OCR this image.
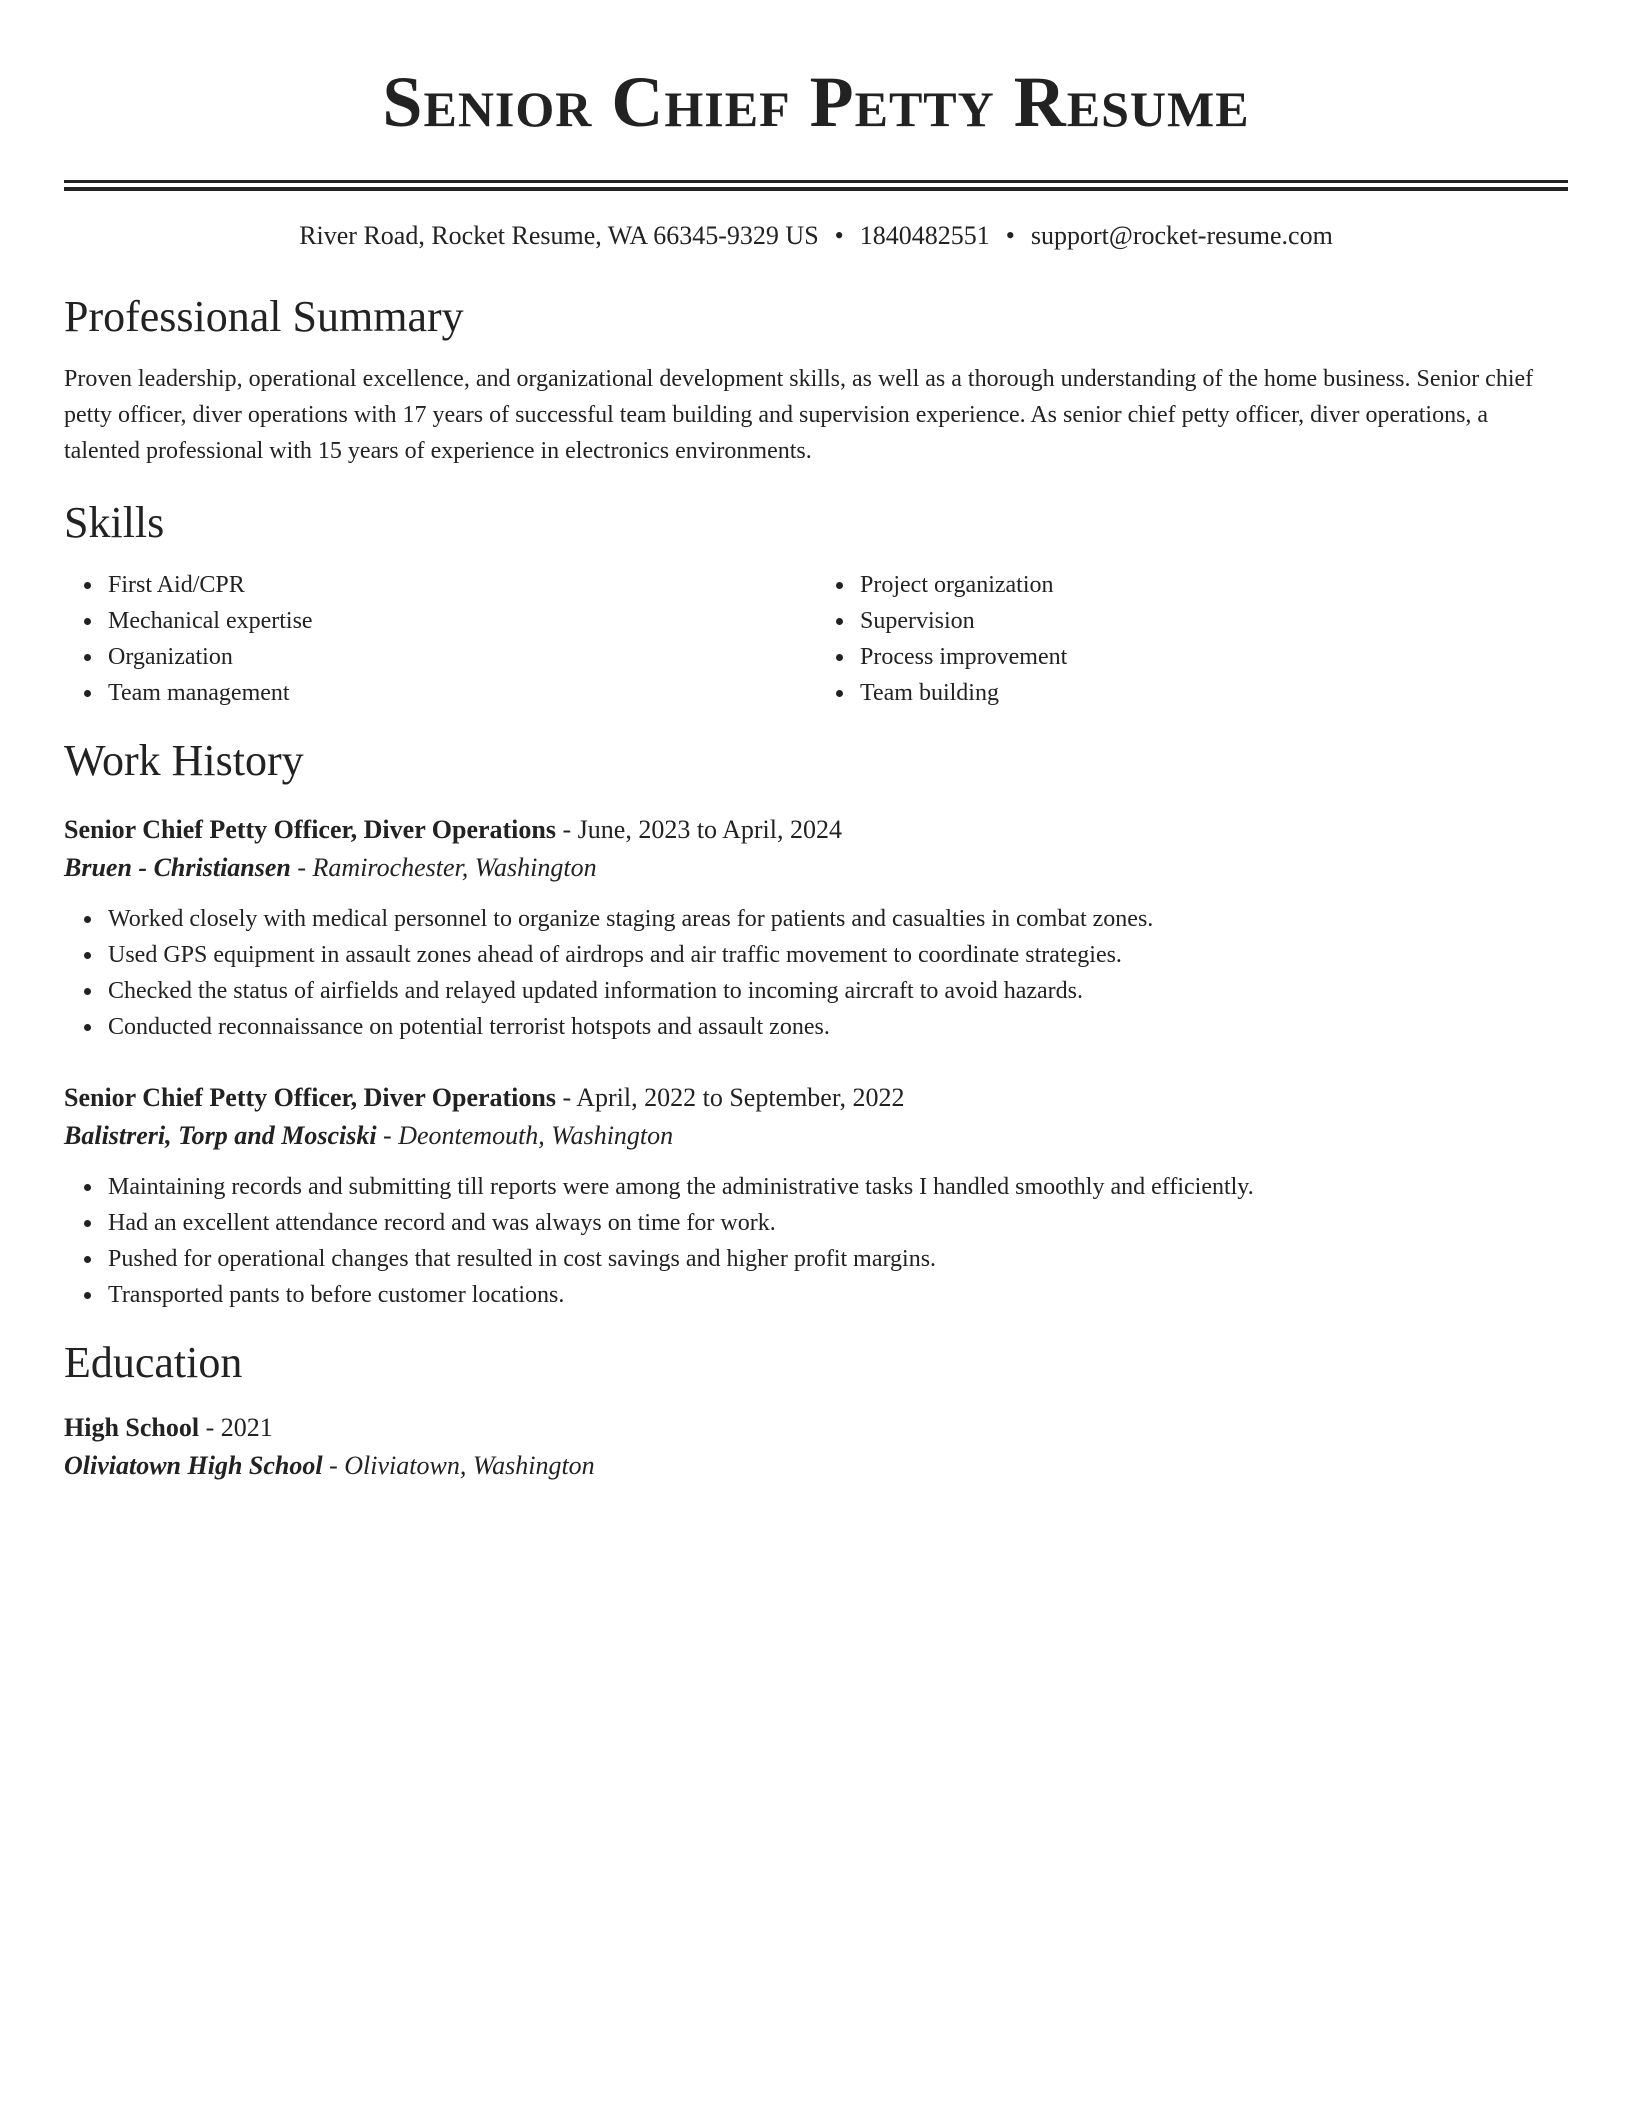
Senior Chief Petty Resume
River Road, Rocket Resume, WA 66345-9329 US • 1840482551 • support@rocket-resume.com
Professional Summary

Proven leadership, operational excellence, and organizational development skills, as well as a thorough understanding of the home business. Senior chief petty officer, diver operations with 17 years of successful team building and supervision experience. As senior chief petty officer, diver operations, a talented professional with 15 years of experience in electronics environments.

Skills
First Aid/CPR
Mechanical expertise
Organization
Team management
Project organization
Supervision
Process improvement
Team building
Work History
Senior Chief Petty Officer, Diver Operations - June, 2023 to April, 2024
Bruen - Christiansen - Ramirochester, Washington
Worked closely with medical personnel to organize staging areas for patients and casualties in combat zones.
Used GPS equipment in assault zones ahead of airdrops and air traffic movement to coordinate strategies.
Checked the status of airfields and relayed updated information to incoming aircraft to avoid hazards.
Conducted reconnaissance on potential terrorist hotspots and assault zones.
Senior Chief Petty Officer, Diver Operations - April, 2022 to September, 2022
Balistreri, Torp and Mosciski - Deontemouth, Washington
Maintaining records and submitting till reports were among the administrative tasks I handled smoothly and efficiently.
Had an excellent attendance record and was always on time for work.
Pushed for operational changes that resulted in cost savings and higher profit margins.
Transported pants to before customer locations.
Education
High School - 2021
Oliviatown High School - Oliviatown, Washington
